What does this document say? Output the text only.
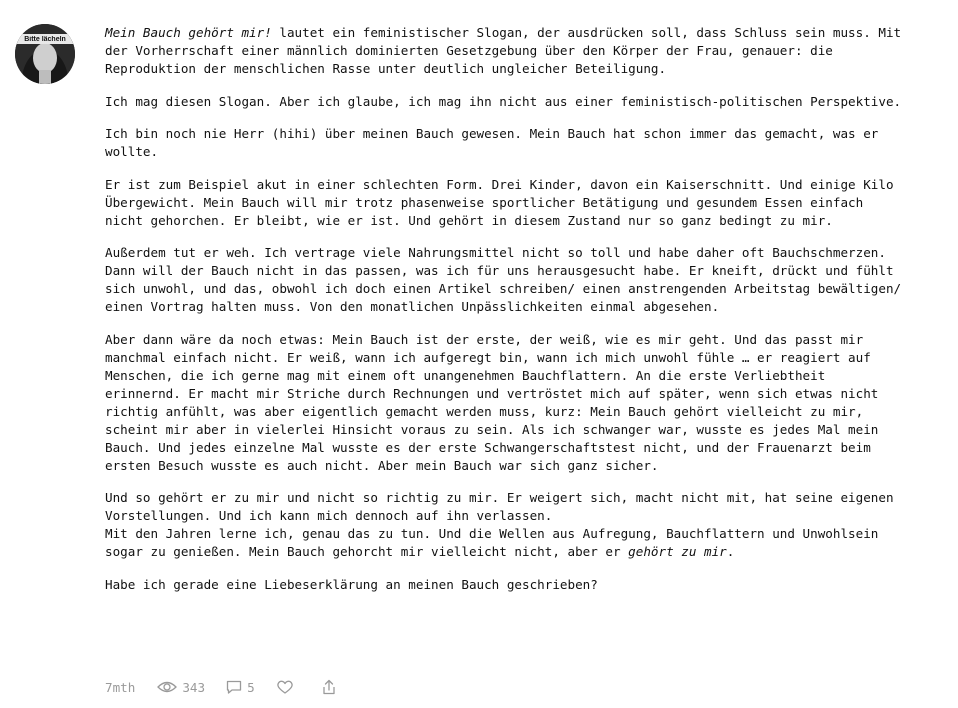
Bitte lächeln	Mein Bauch gehört mir! lautet ein feministischer Slogan, der ausdrücken soll, dass Schluss sein muss. Mit der Vorherrschaft einer männlich dominierten Gesetzgebung über den Körper der Frau, genauer: die Reproduktion der menschlichen Rasse unter deutlich ungleicher Beteiligung.

Ich mag diesen Slogan. Aber ich glaube, ich mag ihn nicht aus einer feministisch-politischen Perspektive.

Ich bin noch nie Herr (hihi) über meinen Bauch gewesen. Mein Bauch hat schon immer das gemacht, was er wollte.

Er ist zum Beispiel akut in einer schlechten Form. Drei Kinder, davon ein Kaiserschnitt. Und einige Kilo Übergewicht. Mein Bauch will mir trotz phasenweise sportlicher Betätigung und gesundem Essen einfach nicht gehorchen. Er bleibt, wie er ist. Und gehört in diesem Zustand nur so ganz bedingt zu mir.

Außerdem tut er weh. Ich vertrage viele Nahrungsmittel nicht so toll und habe daher oft Bauchschmerzen. Dann will der Bauch nicht in das passen, was ich für uns herausgesucht habe. Er kneift, drückt und fühlt sich unwohl, und das, obwohl ich doch einen Artikel schreiben/ einen anstrengenden Arbeitstag bewältigen/ einen Vortrag halten muss. Von den monatlichen Unpässlichkeiten einmal abgesehen.

Aber dann wäre da noch etwas: Mein Bauch ist der erste, der weiß, wie es mir geht. Und das passt mir manchmal einfach nicht. Er weiß, wann ich aufgeregt bin, wann ich mich unwohl fühle … er reagiert auf Menschen, die ich gerne mag mit einem oft unangenehmen Bauchflattern. An die erste Verliebtheit erinnernd. Er macht mir Striche durch Rechnungen und vertröstet mich auf später, wenn sich etwas nicht richtig anfühlt, was aber eigentlich gemacht werden muss, kurz: Mein Bauch gehört vielleicht zu mir, scheint mir aber in vielerlei Hinsicht voraus zu sein. Als ich schwanger war, wusste es jedes Mal mein Bauch. Und jedes einzelne Mal wusste es der erste Schwangerschaftstest nicht, und der Frauenarzt beim ersten Besuch wusste es auch nicht. Aber mein Bauch war sich ganz sicher.

Und so gehört er zu mir und nicht so richtig zu mir. Er weigert sich, macht nicht mit, hat seine eigenen Vorstellungen. Und ich kann mich dennoch auf ihn verlassen.
Mit den Jahren lerne ich, genau das zu tun. Und die Wellen aus Aufregung, Bauchflattern und Unwohlsein sogar zu genießen. Mein Bauch gehorcht mir vielleicht nicht, aber er gehört zu mir.

Habe ich gerade eine Liebeserklärung an meinen Bauch geschrieben?

7mth	343	5
